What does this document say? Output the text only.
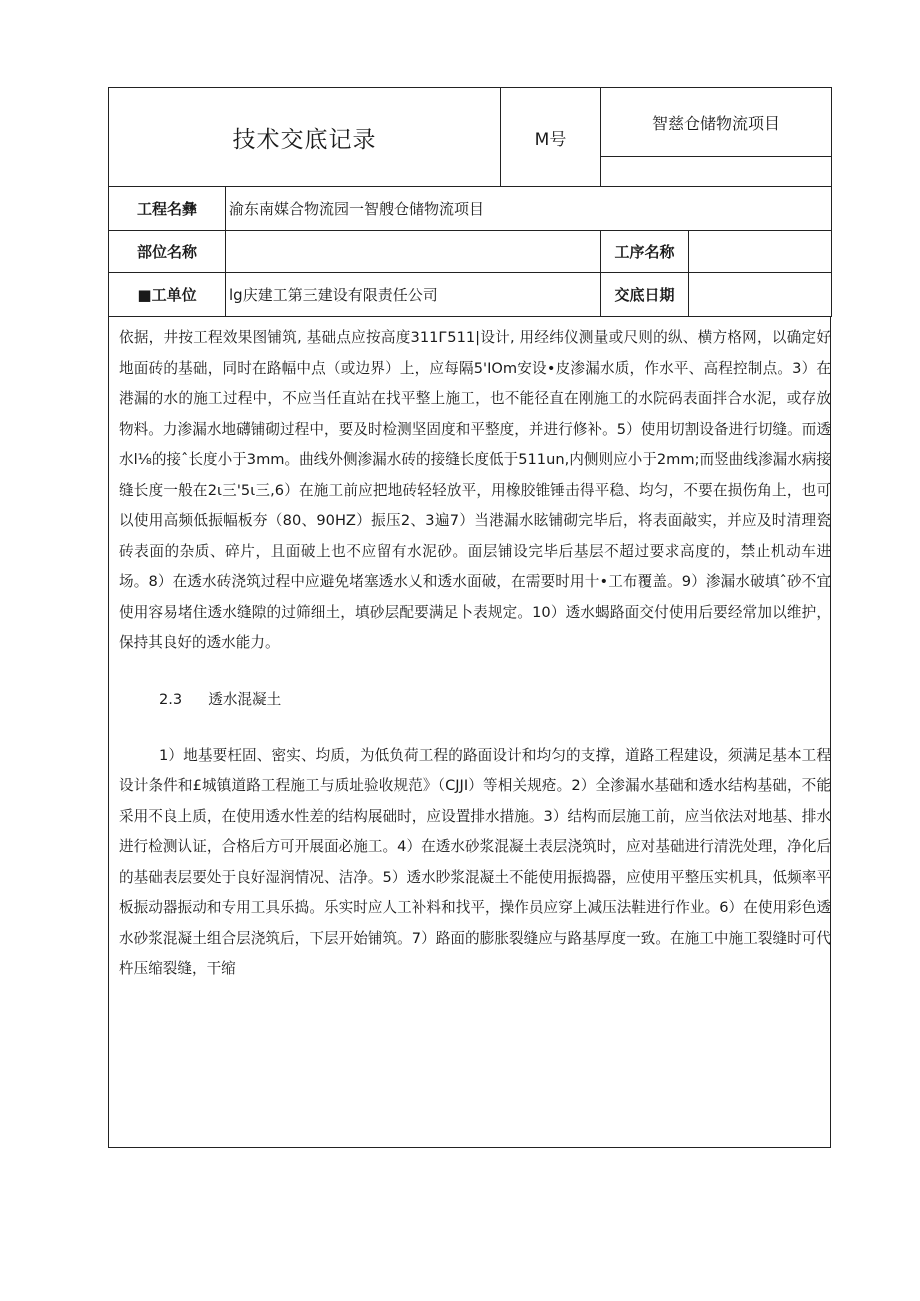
技术交底记录		M号	智慈仓储物流项目	

工程名彝	渝东南媒合物流园一智艘仓储物流项目			
部位名称			工序名称	
■工单位	lg庆建工第三建设有限责任公司		交底日期	

依据，井按工程效果图铺筑, 基础点应按高度311Г511|设计, 用经纬仪测量或尺则的纵、横方格网，以确定好地面砖的基础，同时在路幅中点（或边界）上，应每隔5'IOm安设•皮渗漏水质，作水平、高程控制点。3）在港漏的水的施工过程中，不应当任直站在找平整上施工，也不能径直在刚施工的水院码表面拌合水泥，或存放物料。力渗漏水地礴铺砌过程中，要及时检测坚固度和平整度，并进行修补。5）使用切割设备进行切缝。而透水l⅛的接ˆ长度小于3mm。曲线外侧渗漏水砖的接缝长度低于511un,内侧则应小于2mm;而竖曲线渗漏水病接缝长度一般在2ι三'5ι三,6）在施工前应把地砖轻轻放平，用橡胶锥锤击得平稳、均匀，不要在损伤角上，也可以使用高频低振幅板夯（80、90HZ）振压2、3遍7）当港漏水眩铺砌完毕后，将表面敲实，并应及时清理瓷砖表面的杂质、碎片，且面破上也不应留有水泥砂。面层铺设完毕后基层不超过要求高度的，禁止机动车进场。8）在透水砖浇筑过程中应避免堵塞透水乂和透水面破，在需要时用十•工布覆盖。9）渗漏水破填ˆ砂不宜使用容易堵住透水缝隙的过筛细土，填砂层配要满足卜表规定。10）透水蝎路面交付使用后要经常加以维护，保持其良好的透水能力。

2.3 透水混凝土

1）地基要枉固、密实、均质，为低负荷工程的路面设计和均匀的支撑，道路工程建设，须满足基本工程设计条件和£城镇道路工程施工与质址验收规范》（CJJI）等相关规疮。2）全渗漏水基础和透水结构基础，不能采用不良上质，在使用透水性差的结构展础时，应设置排水措施。3）结构而层施工前，应当依法对地基、排水进行检测认证，合格后方可开展面必施工。4）在透水砂浆混凝土表层浇筑时，应对基础进行清洗处理，净化后的基础表层要处于良好湿润情况、洁净。5）透水眇浆混凝土不能使用振捣器，应使用平整压实机具，低频率平板振动器振动和专用工具乐捣。乐实时应人工补料和找平，操作员应穿上减压法鞋进行作业。6）在使用彩色透水砂浆混凝土组合层浇筑后，下层开始铺筑。7）路面的膨胀裂缝应与路基厚度一致。在施工中施工裂缝时可代杵压缩裂缝，干缩
